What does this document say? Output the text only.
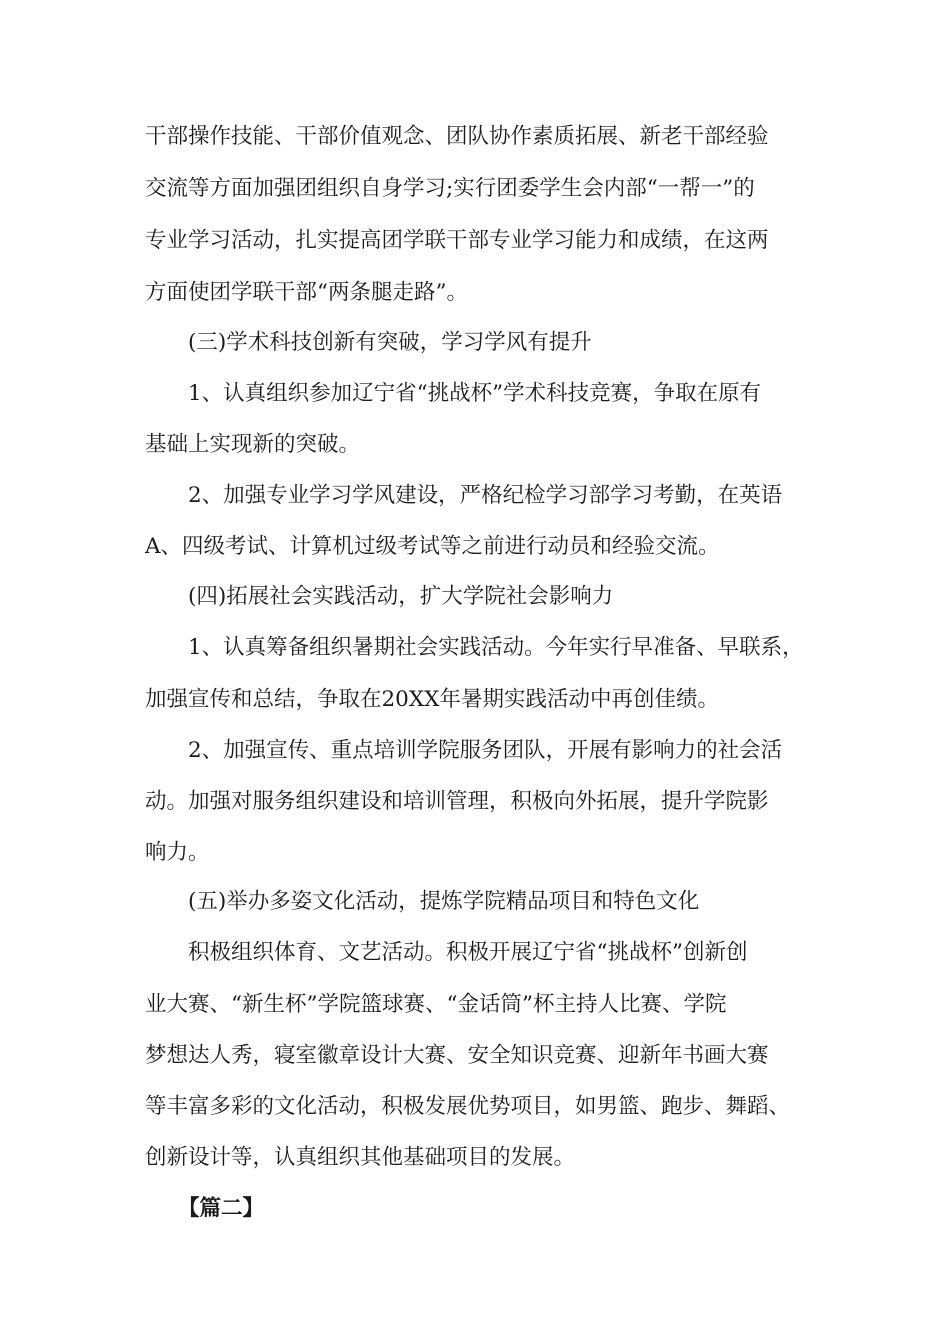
干部操作技能、干部价值观念、团队协作素质拓展、新老干部经验
交流等方面加强团组织自身学习;实行团委学生会内部“一帮一”的
专业学习活动，扎实提高团学联干部专业学习能力和成绩，在这两
方面使团学联干部“两条腿走路”。
(三)学术科技创新有突破，学习学风有提升
1、认真组织参加辽宁省“挑战杯”学术科技竞赛，争取在原有
基础上实现新的突破。
2、加强专业学习学风建设，严格纪检学习部学习考勤，在英语
A、四级考试、计算机过级考试等之前进行动员和经验交流。
(四)拓展社会实践活动，扩大学院社会影响力
1、认真筹备组织暑期社会实践活动。今年实行早准备、早联系，
加强宣传和总结，争取在20XX年暑期实践活动中再创佳绩。
2、加强宣传、重点培训学院服务团队，开展有影响力的社会活
动。加强对服务组织建设和培训管理，积极向外拓展，提升学院影
响力。
(五)举办多姿文化活动，提炼学院精品项目和特色文化
积极组织体育、文艺活动。积极开展辽宁省“挑战杯”创新创
业大赛、“新生杯”学院篮球赛、“金话筒”杯主持人比赛、学院
梦想达人秀，寝室徽章设计大赛、安全知识竞赛、迎新年书画大赛
等丰富多彩的文化活动，积极发展优势项目，如男篮、跑步、舞蹈、
创新设计等，认真组织其他基础项目的发展。
【篇二】
